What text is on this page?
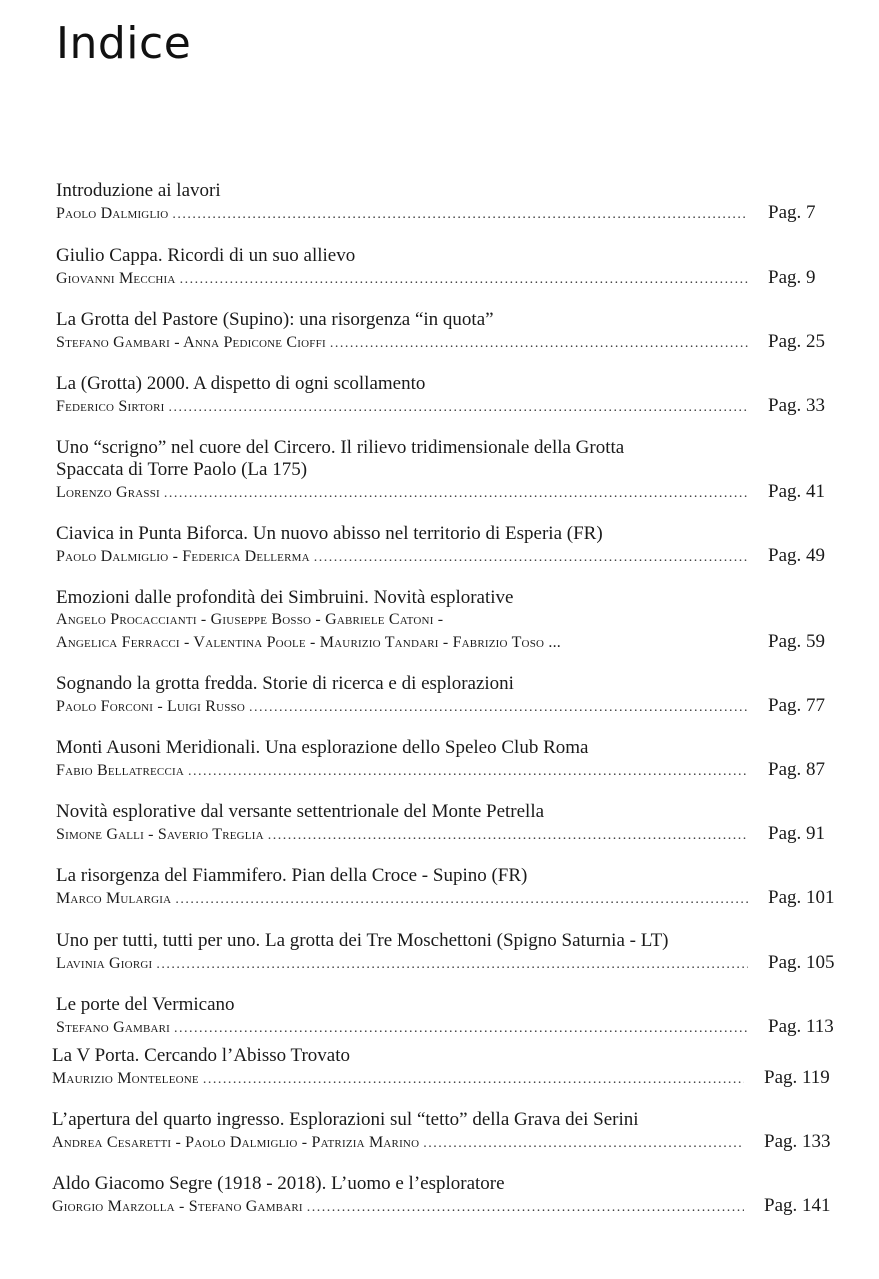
Indice
Introduzione ai lavori
Paolo Dalmiglio .....	Pag. 7
Giulio Cappa. Ricordi di un suo allievo
Giovanni Mecchia .....	Pag. 9
La Grotta del Pastore (Supino): una risorgenza “in quota”
Stefano Gambari - Anna Pedicone Cioffi .....	Pag. 25
La (Grotta) 2000. A dispetto di ogni scollamento
Federico Sirtori .....	Pag. 33
Uno “scrigno” nel cuore del Circero. Il rilievo tridimensionale della Grotta
Spaccata di Torre Paolo (La 175)
Lorenzo Grassi .....	Pag. 41
Ciavica in Punta Biforca. Un nuovo abisso nel territorio di Esperia (FR)
Paolo Dalmiglio - Federica Dellerma .....	Pag. 49
Emozioni dalle profondità dei Simbruini. Novità esplorative
Angelo Procaccianti - Giuseppe Bosso - Gabriele Catoni -
Angelica Ferracci - Valentina Poole - Maurizio Tandari - Fabrizio Toso ...	Pag. 59
Sognando la grotta fredda. Storie di ricerca e di esplorazioni
Paolo Forconi - Luigi Russo .....	Pag. 77
Monti Ausoni Meridionali. Una esplorazione dello Speleo Club Roma
Fabio Bellatreccia .....	Pag. 87
Novità esplorative dal versante settentrionale del Monte Petrella
Simone Galli - Saverio Treglia .....	Pag. 91
La risorgenza del Fiammifero. Pian della Croce - Supino (FR)
Marco Mulargia .....	Pag. 101
Uno per tutti, tutti per uno. La grotta dei Tre Moschettoni (Spigno Saturnia - LT)
Lavinia Giorgi .....	Pag. 105
Le porte del Vermicano
Stefano Gambari .....	Pag. 113
La V Porta. Cercando l’Abisso Trovato
Maurizio Monteleone .....	Pag. 119
L’apertura del quarto ingresso. Esplorazioni sul “tetto” della Grava dei Serini
Andrea Cesaretti - Paolo Dalmiglio - Patrizia Marino .....	Pag. 133
Aldo Giacomo Segre (1918 - 2018). L’uomo e l’esploratore
Giorgio Marzolla - Stefano Gambari .....	Pag. 141
